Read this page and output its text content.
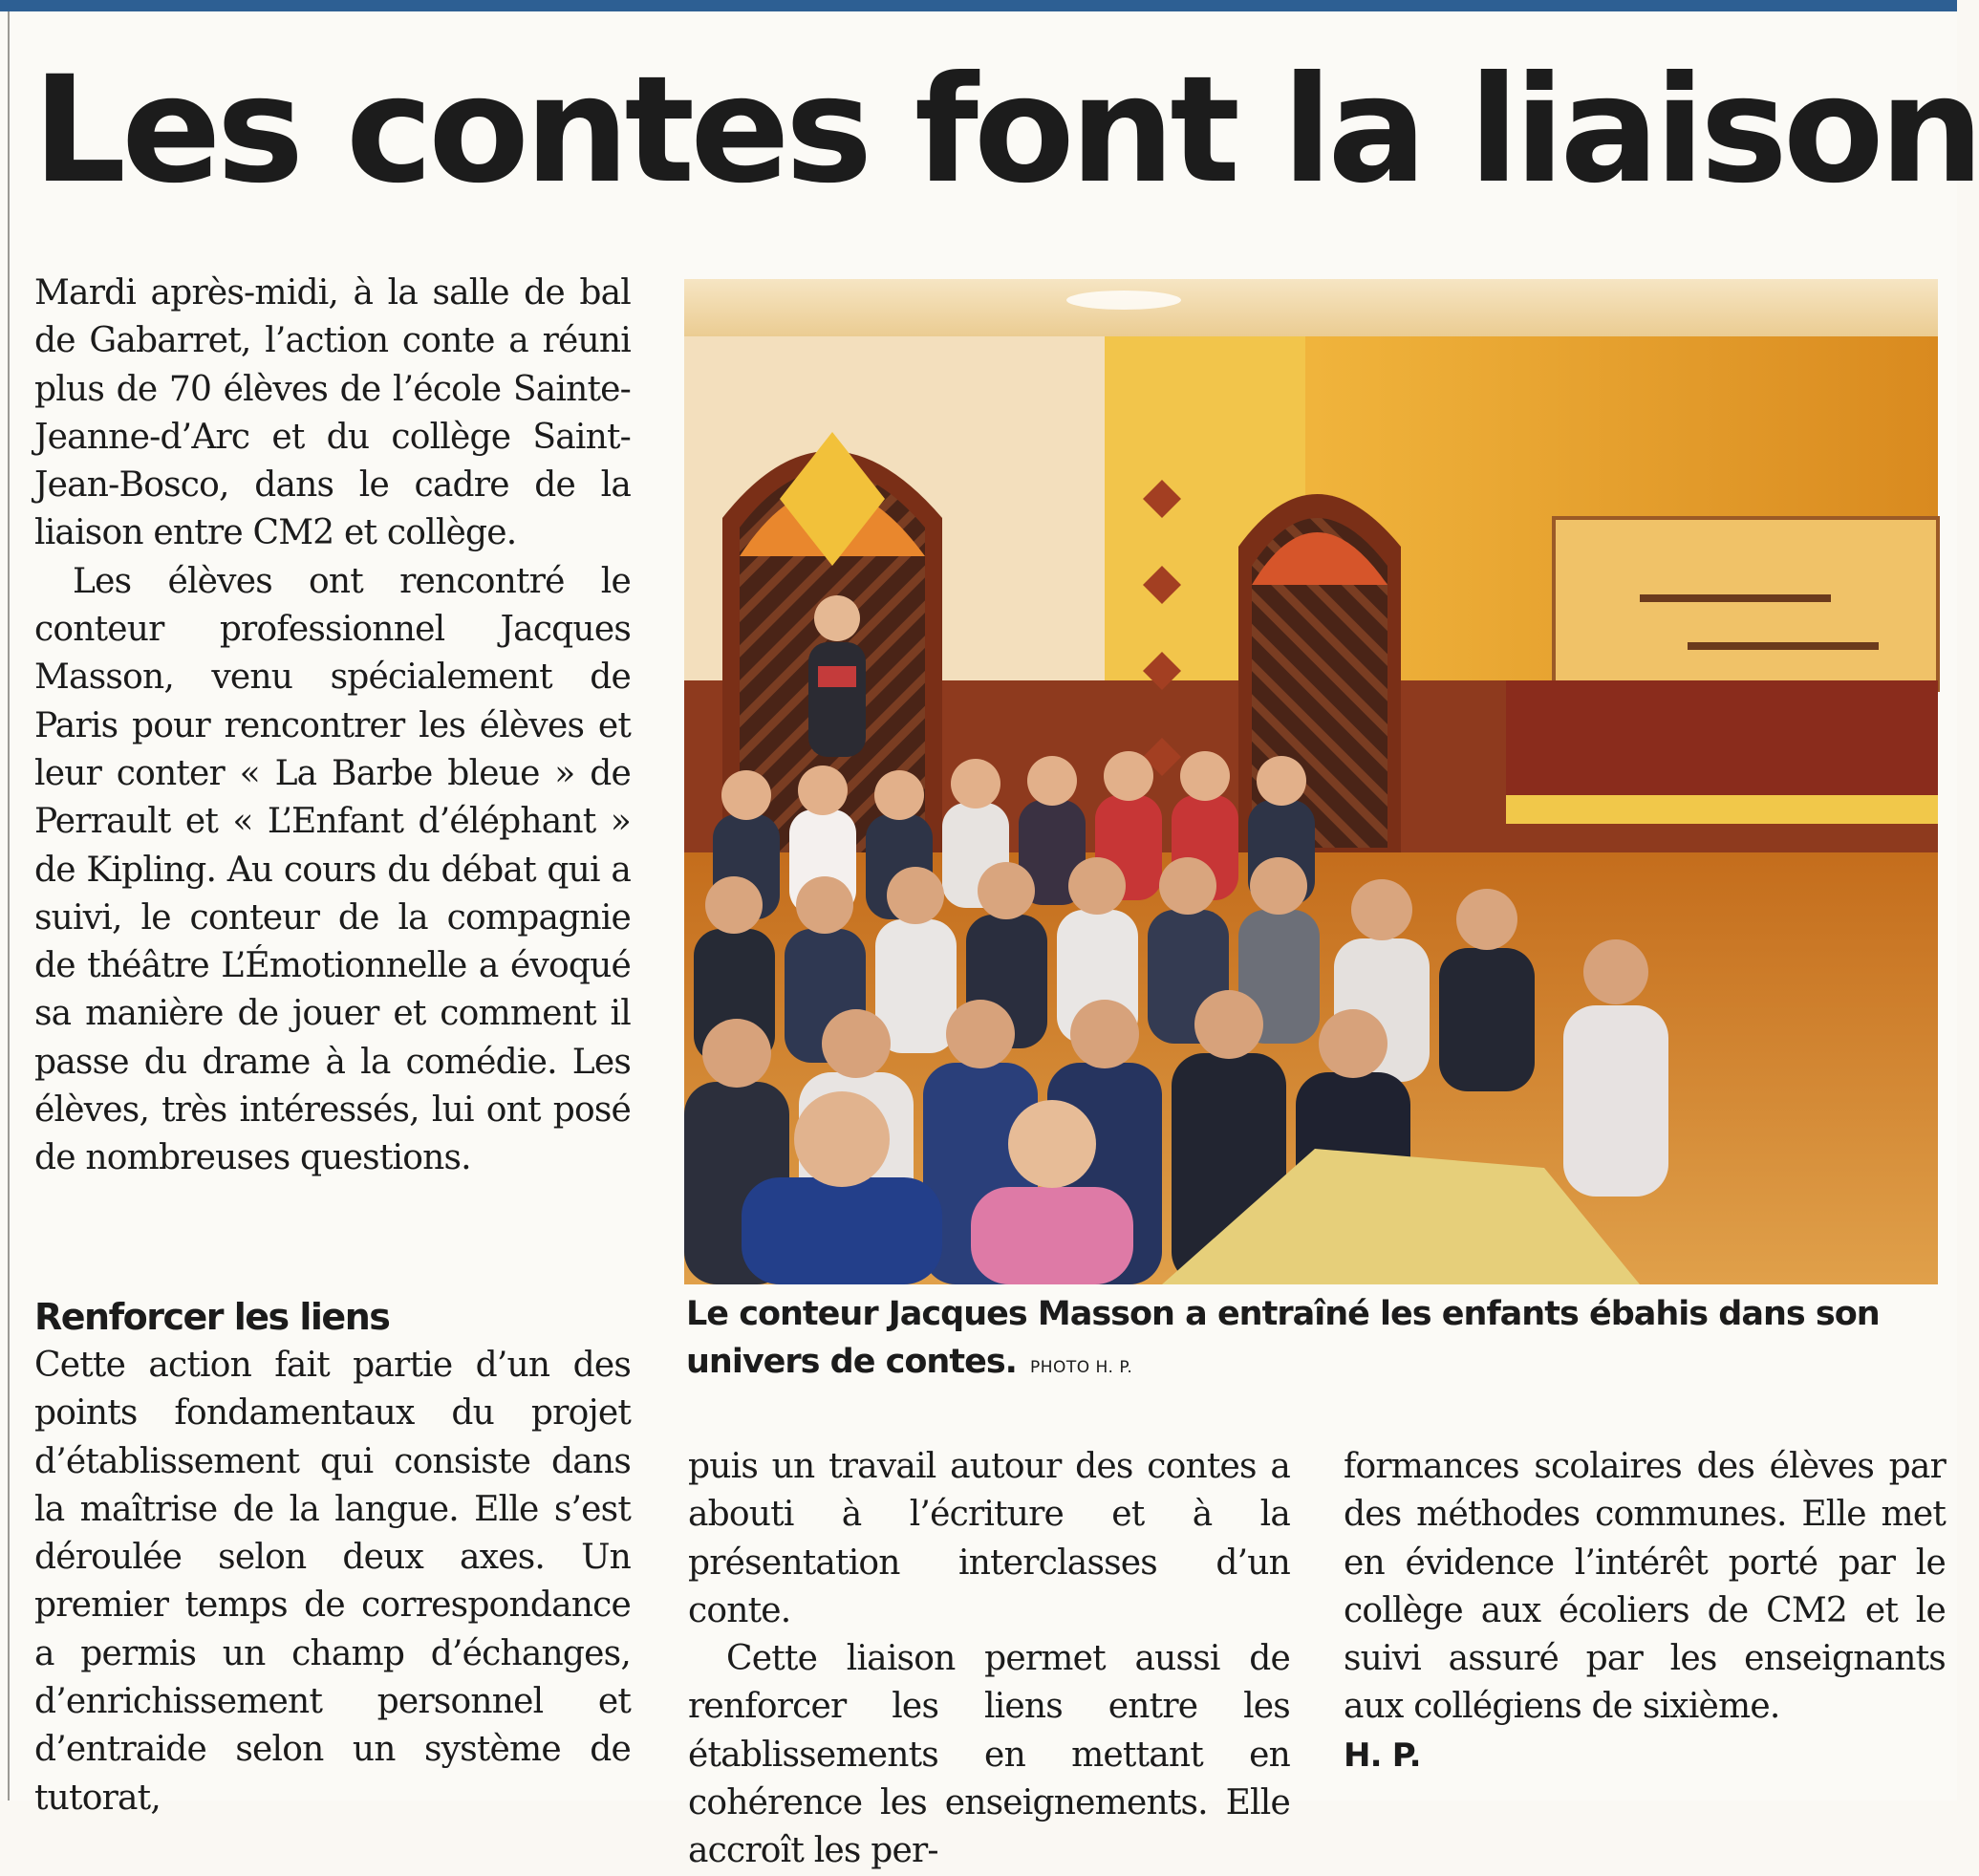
Les contes font la liaison

Mardi après-midi, à la salle de bal de Gabarret, l’action conte a réuni plus de 70 élèves de l’école Sainte-Jeanne-d’Arc et du collège Saint-Jean-Bosco, dans le cadre de la liaison entre CM2 et collège.

Les élèves ont rencontré le conteur professionnel Jacques Masson, venu spécialement de Paris pour rencontrer les élèves et leur conter « La Barbe bleue » de Perrault et « L’Enfant d’éléphant » de Kipling. Au cours du débat qui a suivi, le conteur de la compagnie de théâtre L’Émotionnelle a évoqué sa manière de jouer et comment il passe du drame à la comédie. Les élèves, très intéressés, lui ont posé de nombreuses questions.

Renforcer les liens

Cette action fait partie d’un des points fondamentaux du projet d’établissement qui consiste dans la maîtrise de la langue. Elle s’est déroulée selon deux axes. Un premier temps de correspondance a permis un champ d’échanges, d’enrichissement personnel et d’entraide selon un système de tutorat,

Le conteur Jacques Masson a entraîné les enfants ébahis dans son univers de contes. PHOTO H. P.

puis un travail autour des contes a abouti à l’écriture et à la présentation interclasses d’un conte.

Cette liaison permet aussi de renforcer les liens entre les établissements en mettant en cohérence les enseignements. Elle accroît les per-

formances scolaires des élèves par des méthodes communes. Elle met en évidence l’intérêt porté par le collège aux écoliers de CM2 et le suivi assuré par les enseignants aux collégiens de sixième.

H. P.
